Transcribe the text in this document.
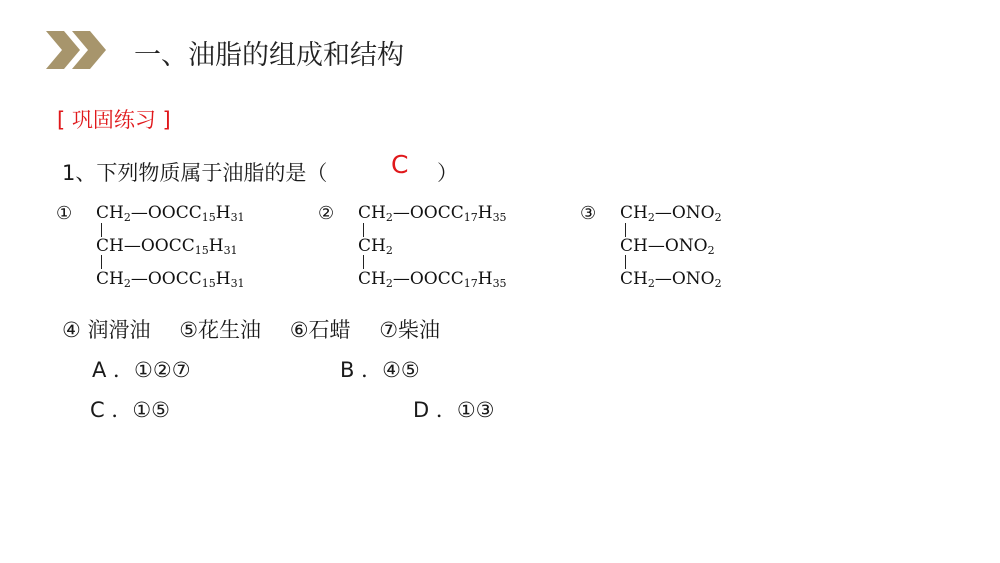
一、油脂的组成和结构
[ 巩固练习 ]
1、下列物质属于油脂的是（	C ）
① $CH_2—OOCC_{15}H_{31}$
$CH—OOCC_{15}H_{31}$
$CH_2—OOCC_{15}H_{31}$
② $CH_2—OOCC_{17}H_{35}$
$CH_2$
$CH_2—OOCC_{17}H_{35}$
③ $CH_2—ONO_2$
$CH—ONO_2$
$CH_2—ONO_2$
④ 润滑油 ⑤花生油 ⑥石蜡 ⑦柴油
A ．①②⑦	B ．④⑤
C ．①⑤	D ．①③
